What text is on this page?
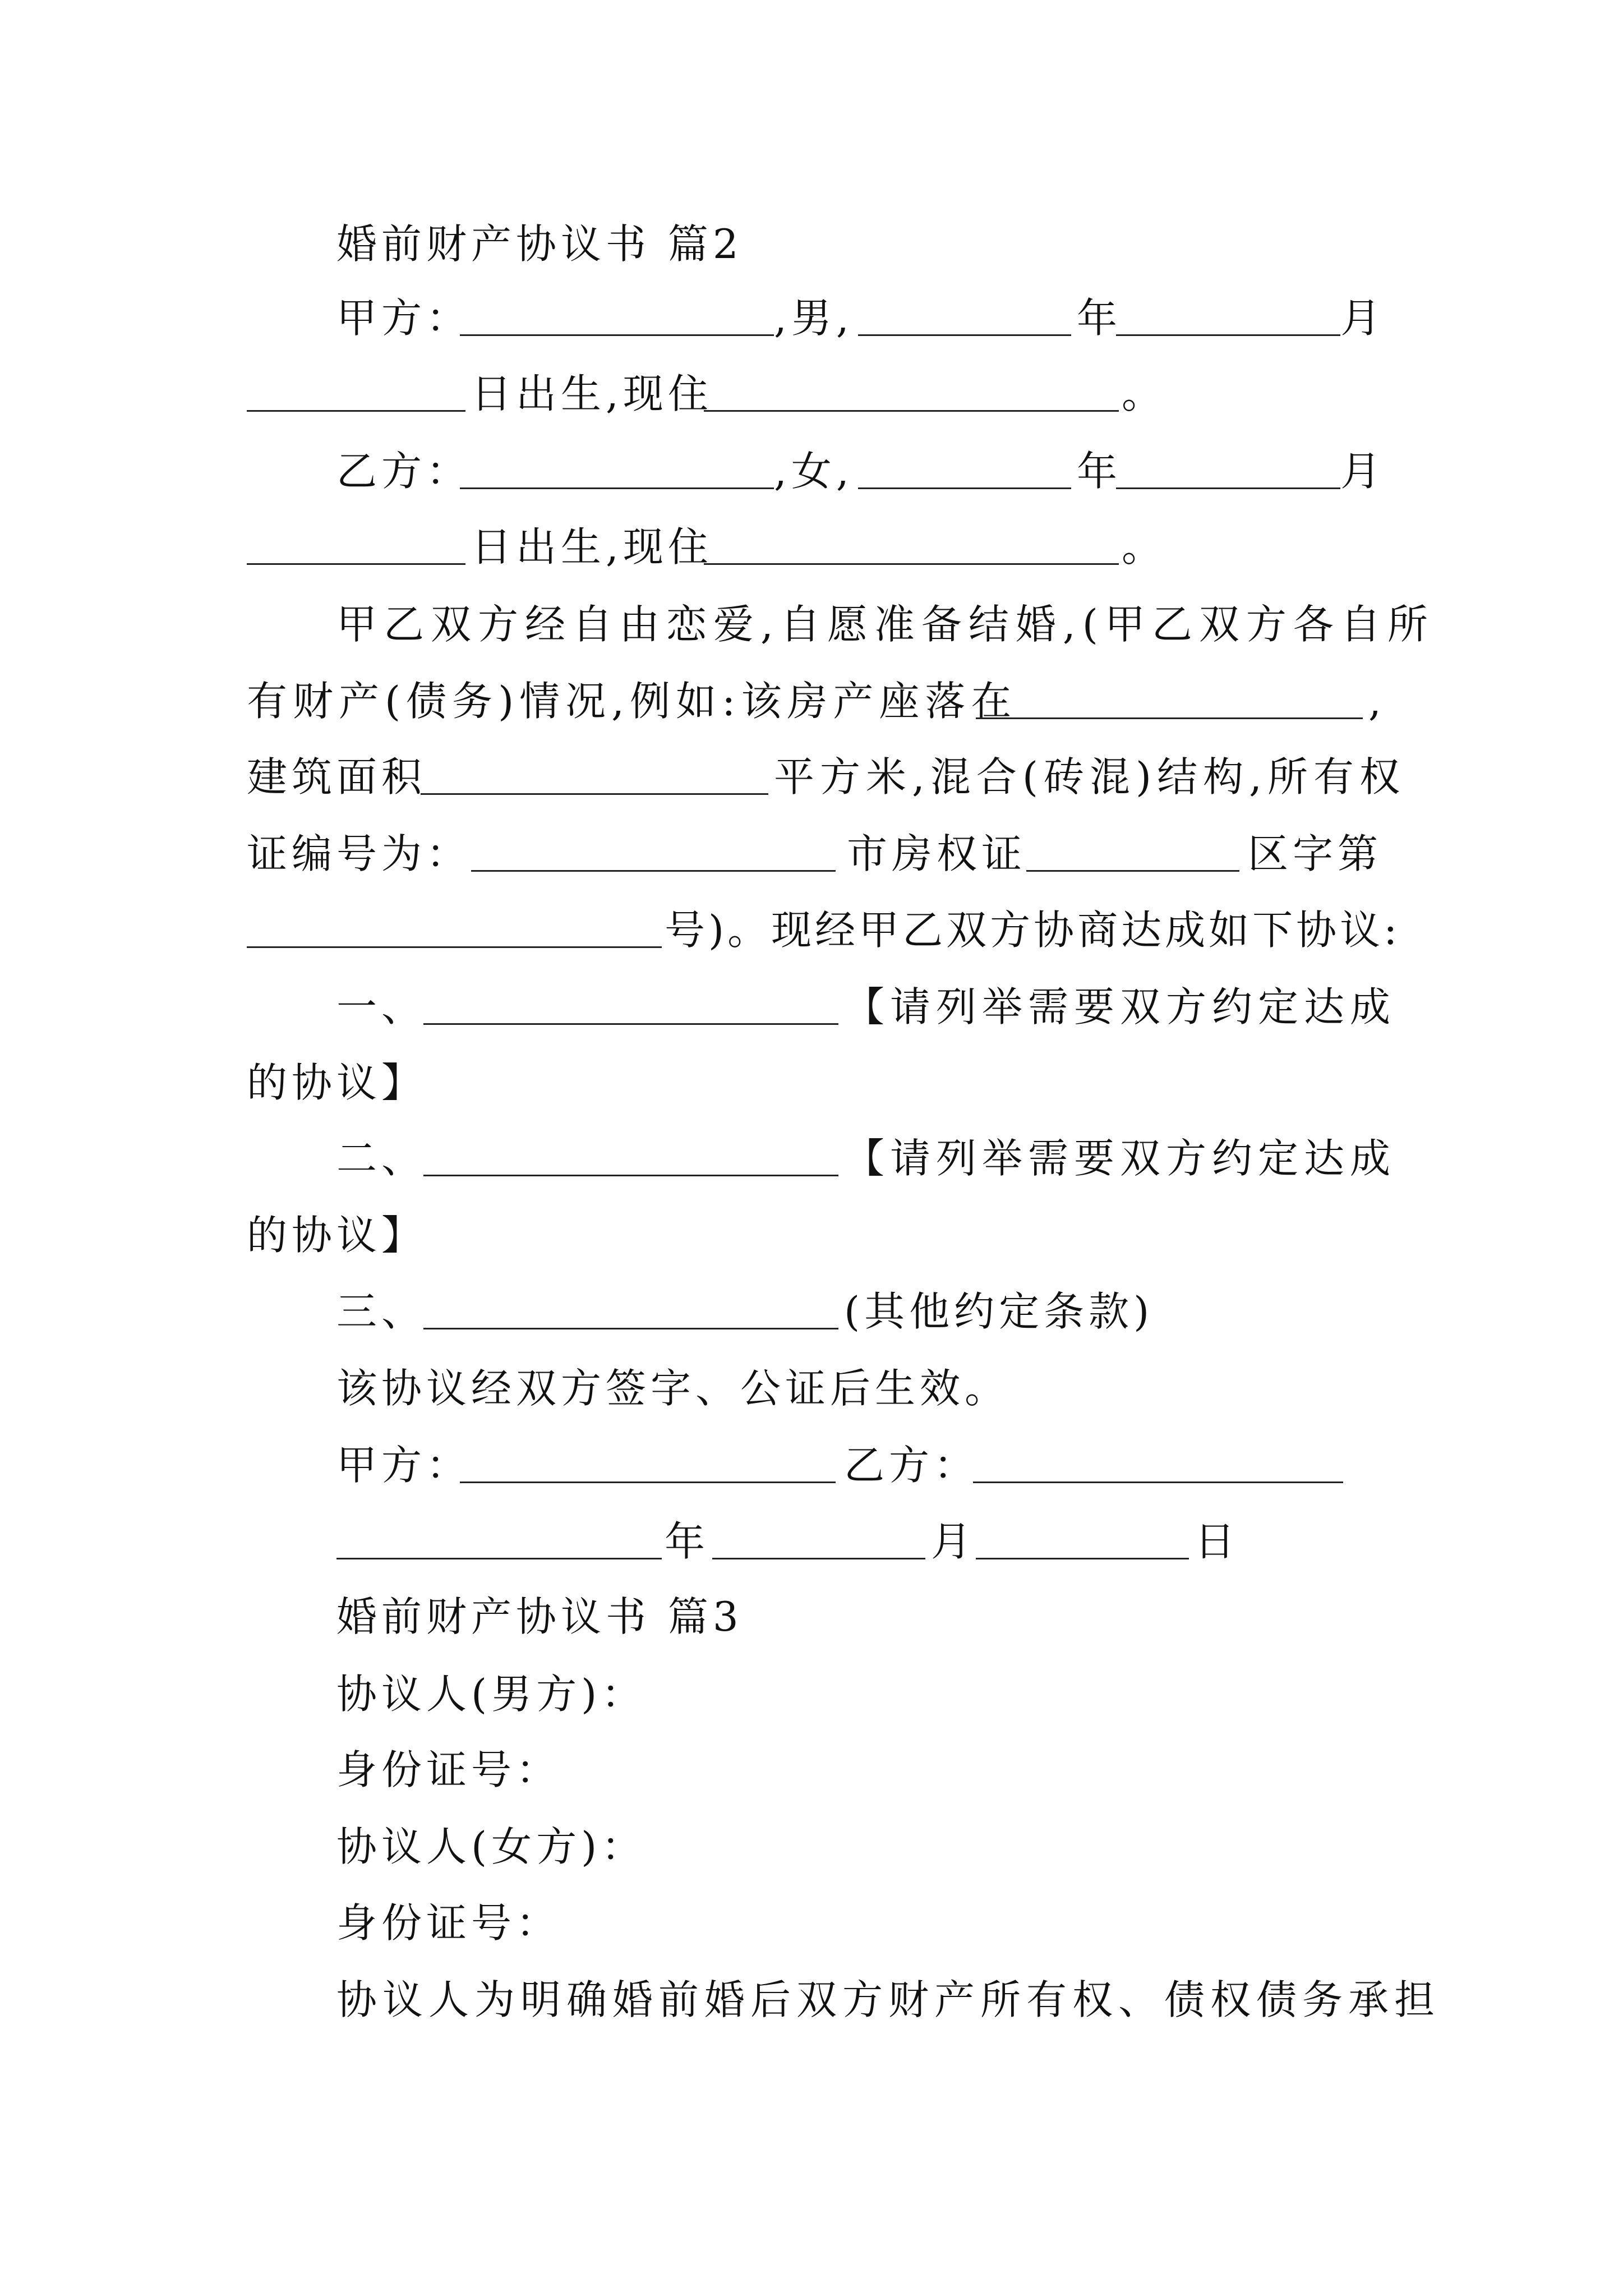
婚前财产协议书 篇2
甲方：	,男,	年	月
日出生,现住	。
乙方：	,女,	年	月
日出生,现住	。
甲乙双方经自由恋爱,自愿准备结婚,(甲乙双方各自所
有财产(债务)情况,例如:该房产座落在	,
建筑面积	平方米,混合(砖混)结构,所有权
证编号为：	市房权证	区字第
号)。现经甲乙双方协商达成如下协议:
一、	【请列举需要双方约定达成
的协议】
二、	【请列举需要双方约定达成
的协议】
三、	(其他约定条款)
该协议经双方签字、公证后生效。
甲方：	乙方：
年	月	日
婚前财产协议书 篇3
协议人(男方)：
身份证号：
协议人(女方)：
身份证号：
协议人为明确婚前婚后双方财产所有权、债权债务承担
